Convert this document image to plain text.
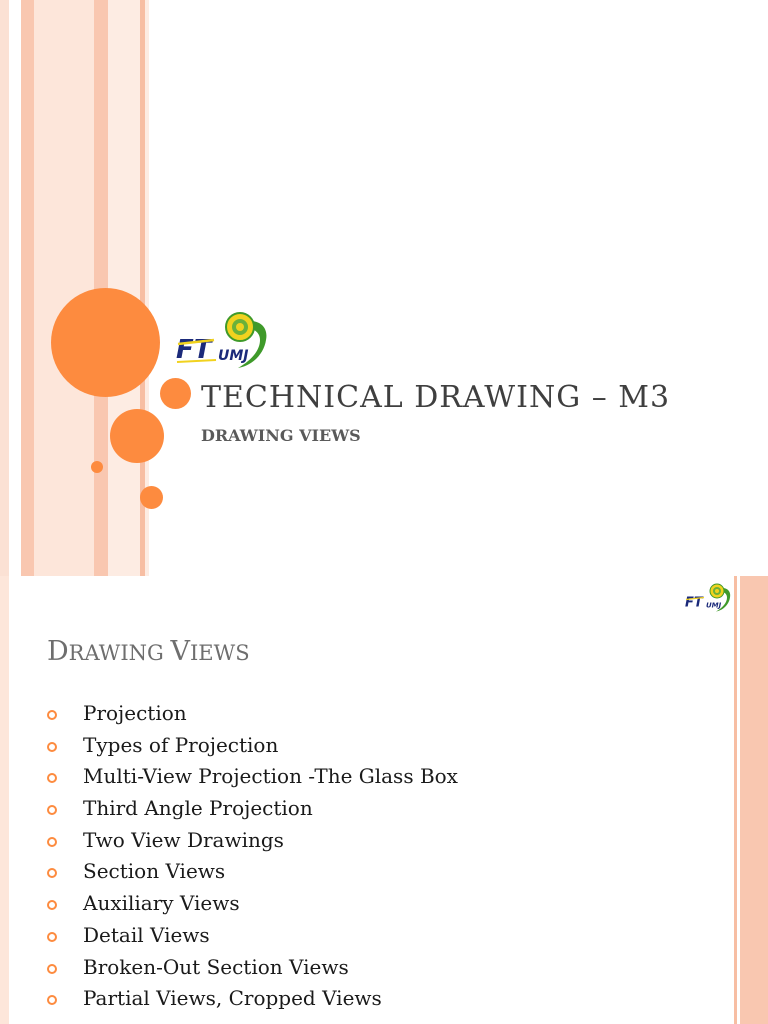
FT UMJ
TECHNICAL DRAWING – M3
DRAWING VIEWS
FT UMJ
DRAWING VIEWS
Projection
Types of Projection
Multi-View Projection -The Glass Box
Third Angle Projection
Two View Drawings
Section Views
Auxiliary Views
Detail Views
Broken-Out Section Views
Partial Views, Cropped Views
